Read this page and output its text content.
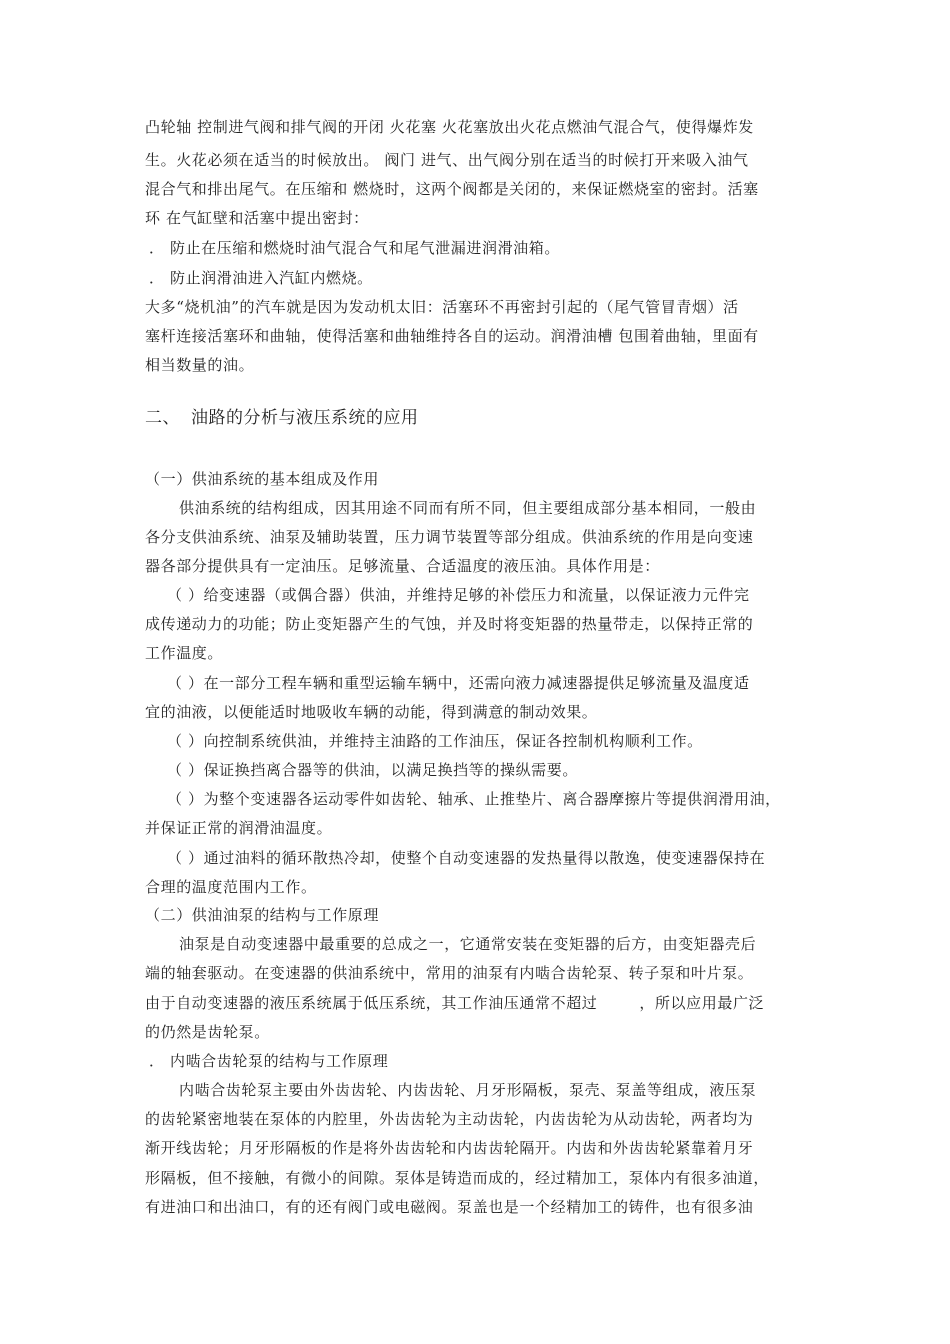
凸轮轴 控制进气阀和排气阀的开闭 火花塞 火花塞放出火花点燃油气混合气，使得爆炸发
生。火花必须在适当的时候放出。 阀门 进气、出气阀分别在适当的时候打开来吸入油气
混合气和排出尾气。在压缩和 燃烧时，这两个阀都是关闭的，来保证燃烧室的密封。活塞
环 在气缸壁和活塞中提出密封：
． 防止在压缩和燃烧时油气混合气和尾气泄漏进润滑油箱。
． 防止润滑油进入汽缸内燃烧。
大多“烧机油”的汽车就是因为发动机太旧：活塞环不再密封引起的（尾气管冒青烟）活
塞杆连接活塞环和曲轴，使得活塞和曲轴维持各自的运动。润滑油槽 包围着曲轴，里面有
相当数量的油。
二、 油路的分析与液压系统的应用
（一）供油系统的基本组成及作用
供油系统的结构组成，因其用途不同而有所不同，但主要组成部分基本相同，一般由
各分支供油系统、油泵及辅助装置，压力调节装置等部分组成。供油系统的作用是向变速
器各部分提供具有一定油压。足够流量、合适温度的液压油。具体作用是：
（ ）给变速器（或偶合器）供油，并维持足够的补偿压力和流量，以保证液力元件完
成传递动力的功能；防止变矩器产生的气蚀，并及时将变矩器的热量带走，以保持正常的
工作温度。
（ ）在一部分工程车辆和重型运输车辆中，还需向液力减速器提供足够流量及温度适
宜的油液，以便能适时地吸收车辆的动能，得到满意的制动效果。
（ ）向控制系统供油，并维持主油路的工作油压，保证各控制机构顺利工作。
（ ）保证换挡离合器等的供油，以满足换挡等的操纵需要。
（ ）为整个变速器各运动零件如齿轮、轴承、止推垫片、离合器摩擦片等提供润滑用油，
并保证正常的润滑油温度。
（ ）通过油料的循环散热冷却，使整个自动变速器的发热量得以散逸，使变速器保持在
合理的温度范围内工作。
（二）供油油泵的结构与工作原理
油泵是自动变速器中最重要的总成之一，它通常安装在变矩器的后方，由变矩器壳后
端的轴套驱动。在变速器的供油系统中，常用的油泵有内啮合齿轮泵、转子泵和叶片泵。
由于自动变速器的液压系统属于低压系统，其工作油压通常不超过 　　 ，所以应用最广泛
的仍然是齿轮泵。
． 内啮合齿轮泵的结构与工作原理
内啮合齿轮泵主要由外齿齿轮、内齿齿轮、月牙形隔板，泵壳、泵盖等组成，液压泵
的齿轮紧密地装在泵体的内腔里，外齿齿轮为主动齿轮，内齿齿轮为从动齿轮，两者均为
渐开线齿轮；月牙形隔板的作是将外齿齿轮和内齿齿轮隔开。内齿和外齿齿轮紧靠着月牙
形隔板，但不接触，有微小的间隙。泵体是铸造而成的，经过精加工，泵体内有很多油道，
有进油口和出油口，有的还有阀门或电磁阀。泵盖也是一个经精加工的铸件，也有很多油
